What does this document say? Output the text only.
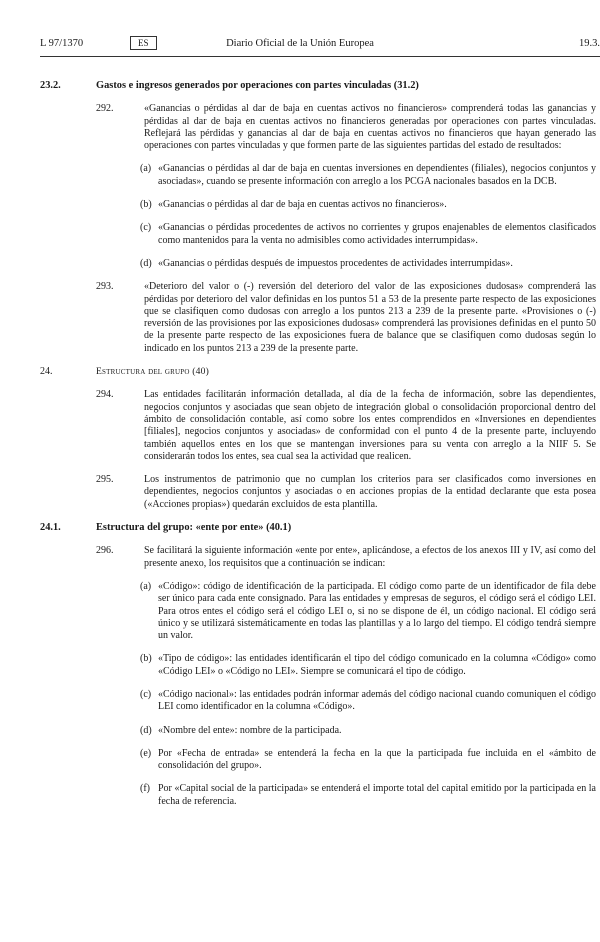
L 97/1370	ES	Diario Oficial de la Unión Europea	19.3.
23.2.	Gastos e ingresos generados por operaciones con partes vinculadas (31.2)
292.	«Ganancias o pérdidas al dar de baja en cuentas activos no financieros» comprenderá todas las ganancias y pérdidas al dar de baja en cuentas activos no financieros generadas por operaciones con partes vinculadas. Reflejará las pérdidas y ganancias al dar de baja en cuentas activos no financieros que hayan generado las operaciones con partes vinculadas y que formen parte de las siguientes partidas del estado de resultados:
(a) «Ganancias o pérdidas al dar de baja en cuentas inversiones en dependientes (filiales), negocios conjuntos y asociadas», cuando se presente información con arreglo a los PCGA nacionales basados en la DCB.
(b) «Ganancias o pérdidas al dar de baja en cuentas activos no financieros».
(c) «Ganancias o pérdidas procedentes de activos no corrientes y grupos enajenables de elementos clasificados como mantenidos para la venta no admisibles como actividades interrumpidas».
(d) «Ganancias o pérdidas después de impuestos procedentes de actividades interrumpidas».
293.	«Deterioro del valor o (-) reversión del deterioro del valor de las exposiciones dudosas» comprenderá las pérdidas por deterioro del valor definidas en los puntos 51 a 53 de la presente parte respecto de las exposiciones que se clasifiquen como dudosas con arreglo a los puntos 213 a 239 de la presente parte. «Provisiones o (-) reversión de las provisiones por las exposiciones dudosas» comprenderá las provisiones definidas en el punto 50 de la presente parte respecto de las exposiciones fuera de balance que se clasifiquen como dudosas según lo indicado en los puntos 213 a 239 de la presente parte.
24.	Estructura del grupo (40)
294.	Las entidades facilitarán información detallada, al día de la fecha de información, sobre las dependientes, negocios conjuntos y asociadas que sean objeto de integración global o consolidación proporcional dentro del ámbito de consolidación contable, así como sobre los entes comprendidos en «Inversiones en dependientes [filiales], negocios conjuntos y asociadas» de conformidad con el punto 4 de la presente parte, incluyendo también aquellos entes en los que se mantengan inversiones para su venta con arreglo a la NIIF 5. Se considerarán todos los entes, sea cual sea la actividad que realicen.
295.	Los instrumentos de patrimonio que no cumplan los criterios para ser clasificados como inversiones en dependientes, negocios conjuntos y asociadas o en acciones propias de la entidad declarante que esta posea («Acciones propias») quedarán excluidos de esta plantilla.
24.1.	Estructura del grupo: «ente por ente» (40.1)
296.	Se facilitará la siguiente información «ente por ente», aplicándose, a efectos de los anexos III y IV, así como del presente anexo, los requisitos que a continuación se indican:
(a) «Código»: código de identificación de la participada. El código como parte de un identificador de fila debe ser único para cada ente consignado. Para las entidades y empresas de seguros, el código será el código LEI. Para otros entes el código será el código LEI o, si no se dispone de él, un código nacional. El código será único y se utilizará sistemáticamente en todas las plantillas y a lo largo del tiempo. El código tendrá siempre un valor.
(b) «Tipo de código»: las entidades identificarán el tipo del código comunicado en la columna «Código» como «Código LEI» o «Código no LEI». Siempre se comunicará el tipo de código.
(c) «Código nacional»: las entidades podrán informar además del código nacional cuando comuniquen el código LEI como identificador en la columna «Código».
(d) «Nombre del ente»: nombre de la participada.
(e) Por «Fecha de entrada» se entenderá la fecha en la que la participada fue incluida en el «ámbito de consolidación del grupo».
(f) Por «Capital social de la participada» se entenderá el importe total del capital emitido por la participada en la fecha de referencia.
